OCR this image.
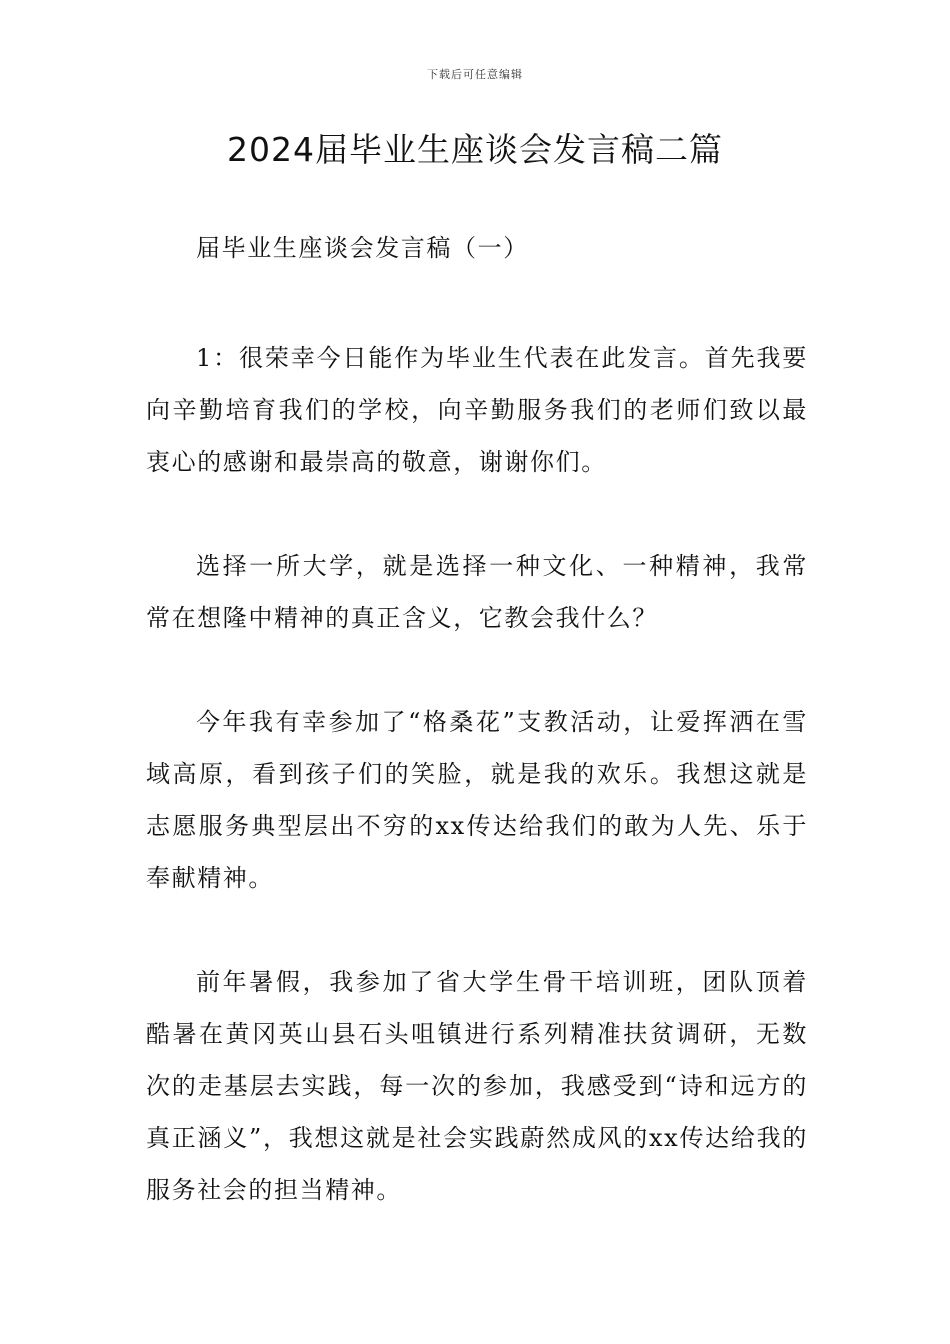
下载后可任意编辑
2024届毕业生座谈会发言稿二篇

届毕业生座谈会发言稿（一）

1：很荣幸今日能作为毕业生代表在此发言。首先我要向辛勤培育我们的学校，向辛勤服务我们的老师们致以最衷心的感谢和最崇高的敬意，谢谢你们。

选择一所大学，就是选择一种文化、一种精神，我常常在想隆中精神的真正含义，它教会我什么？

今年我有幸参加了“格桑花”支教活动，让爱挥洒在雪域高原，看到孩子们的笑脸，就是我的欢乐。我想这就是志愿服务典型层出不穷的xx传达给我们的敢为人先、乐于奉献精神。

前年暑假，我参加了省大学生骨干培训班，团队顶着酷暑在黄冈英山县石头咀镇进行系列精准扶贫调研，无数次的走基层去实践，每一次的参加，我感受到“诗和远方的真正涵义”，我想这就是社会实践蔚然成风的xx传达给我的服务社会的担当精神。
